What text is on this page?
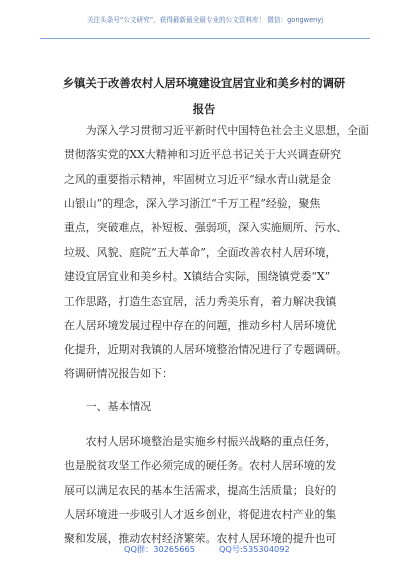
关注头条号“公文研究”，获得最新最全最专业的公文资料库！ 微信：gongwenyj
乡镇关于改善农村人居环境建设宜居宜业和美乡村的调研
报告
　　为深入学习贯彻习近平新时代中国特色社会主义思想，全面
贯彻落实党的XX大精神和习近平总书记关于大兴调查研究
之风的重要指示精神，牢固树立习近平“绿水青山就是金
山银山”的理念，深入学习浙江“千万工程”经验，聚焦
重点，突破难点，补短板、强弱项，深入实施厕所、污水、
垃圾、风貌、庭院“五大革命”，全面改善农村人居环境，
建设宜居宜业和美乡村。X镇结合实际，围绕镇党委“X”
工作思路，打造生态宜居，活力秀美乐育，着力解决我镇
在人居环境发展过程中存在的问题，推动乡村人居环境优
化提升，近期对我镇的人居环境整治情况进行了专题调研。
将调研情况报告如下：
　　一、基本情况
　　农村人居环境整治是实施乡村振兴战略的重点任务，
也是脱贫攻坚工作必须完成的硬任务。农村人居环境的发
展可以满足农民的基本生活需求，提高生活质量；良好的
人居环境进一步吸引人才返乡创业，将促进农村产业的集
聚和发展，推动农村经济繁荣。农村人居环境的提升也可
QQ群：30265665	QQ号:535304092
